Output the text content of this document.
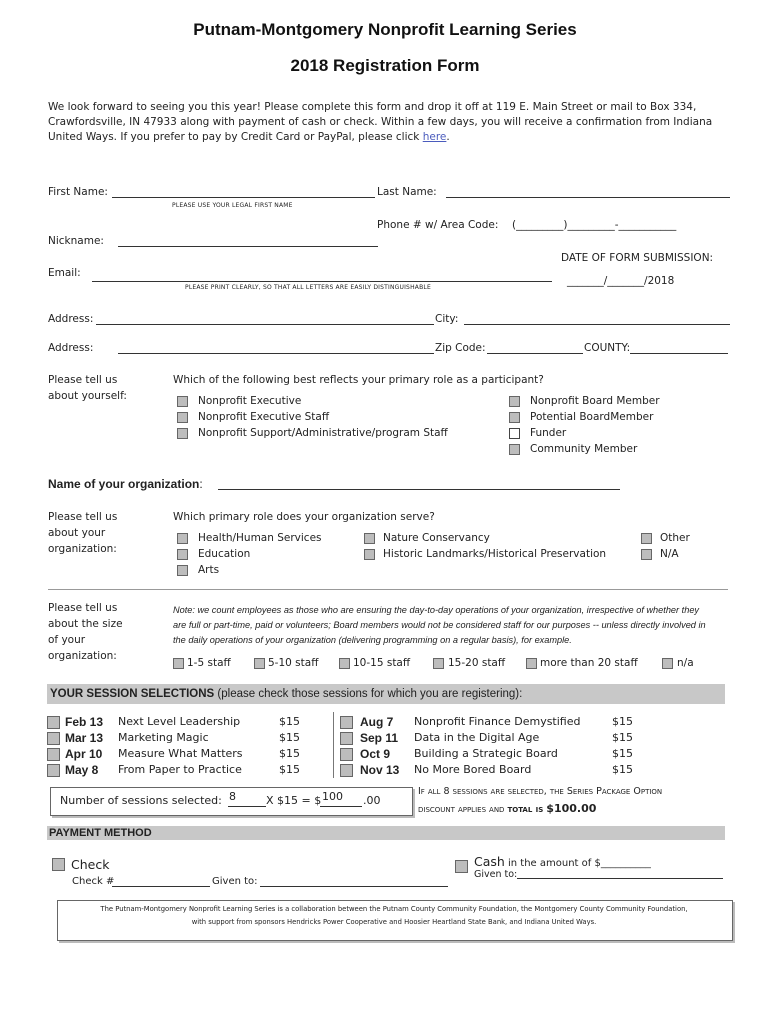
Putnam-Montgomery Nonprofit Learning Series
2018 Registration Form
We look forward to seeing you this year! Please complete this form and drop it off at 119 E. Main Street or mail to Box 334,
Crawfordsville, IN 47933 along with payment of cash or check. Within a few days, you will receive a confirmation from Indiana
United Ways. If you prefer to pay by Credit Card or PayPal, please click here.
First Name:
PLEASE USE YOUR LEGAL FIRST NAME
Last Name:
Phone # w/ Area Code: (_________)_________-___________
Nickname:
DATE OF FORM SUBMISSION:
_______/_______/2018
Email:
PLEASE PRINT CLEARLY, SO THAT ALL LETTERS ARE EASILY DISTINGUISHABLE
Address:	City:
Address:	Zip Code:	COUNTY:
Please tell us
about yourself:
Which of the following best reflects your primary role as a participant?
Nonprofit Executive
Nonprofit Executive Staff
Nonprofit Support/Administrative/program Staff
Nonprofit Board Member
Potential BoardMember
Funder
Community Member
Name of your organization:
Please tell us
about your
organization:
Which primary role does your organization serve?
Health/Human Services
Education
Arts
Nature Conservancy
Historic Landmarks/Historical Preservation
Other
N/A
Please tell us
about the size
of your
organization:
Note: we count employees as those who are ensuring the day-to-day operations of your organization, irrespective of whether they
are full or part-time, paid or volunteers; Board members would not be considered staff for our purposes -- unless directly involved in
the daily operations of your organization (delivering programming on a regular basis), for example.
1-5 staff	5-10 staff	10-15 staff	15-20 staff	more than 20 staff	n/a
YOUR SESSION SELECTIONS (please check those sessions for which you are registering):
Feb 13 Next Level Leadership	$15
Mar 13 Marketing Magic	$15
Apr 10 Measure What Matters	$15
May 8 From Paper to Practice	$15
Aug 7 Nonprofit Finance Demystified	$15
Sep 11 Data in the Digital Age	$15
Oct 9 Building a Strategic Board	$15
Nov 13 No More Bored Board	$15
Number of sessions selected: 8	X $15 = $ 100 .00
If all 8 sessions are selected, the Series Package Option
discount applies and total is $100.00
PAYMENT METHOD
Check
Check #	Given to:
Cash in the amount of $__________
Given to:
The Putnam-Montgomery Nonprofit Learning Series is a collaboration between the Putnam County Community Foundation, the Montgomery County Community Foundation,
with support from sponsors Hendricks Power Cooperative and Hoosier Heartland State Bank, and Indiana United Ways.
